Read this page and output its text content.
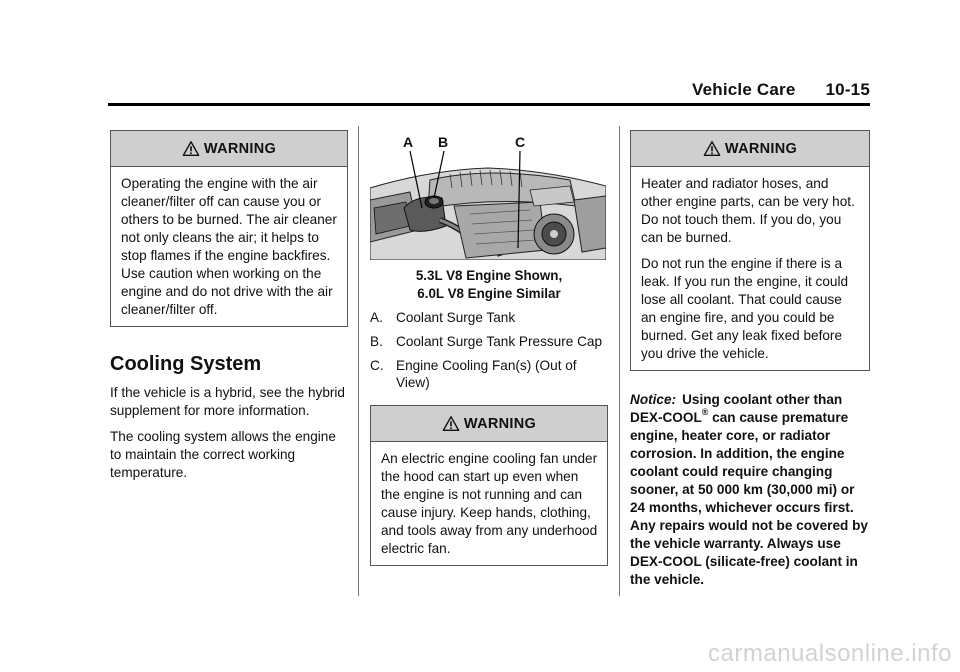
Vehicle Care 10-15
WARNING

Operating the engine with the air cleaner/filter off can cause you or others to be burned. The air cleaner not only cleans the air; it helps to stop flames if the engine backfires. Use caution when working on the engine and do not drive with the air cleaner/filter off.

Cooling System

If the vehicle is a hybrid, see the hybrid supplement for more information.

The cooling system allows the engine to maintain the correct working temperature.

A B	C
5.3L V8 Engine Shown,
6.0L V8 Engine Similar
A. Coolant Surge Tank
B. Coolant Surge Tank Pressure Cap
C. Engine Cooling Fan(s) (Out of View)
WARNING

An electric engine cooling fan under the hood can start up even when the engine is not running and can cause injury. Keep hands, clothing, and tools away from any underhood electric fan.

WARNING

Heater and radiator hoses, and other engine parts, can be very hot. Do not touch them. If you do, you can be burned.

Do not run the engine if there is a leak. If you run the engine, it could lose all coolant. That could cause an engine fire, and you could be burned. Get any leak fixed before you drive the vehicle.

Notice: Using coolant other than DEX-COOL® can cause premature engine, heater core, or radiator corrosion. In addition, the engine coolant could require changing sooner, at 50 000 km (30,000 mi) or 24 months, whichever occurs first. Any repairs would not be covered by the vehicle warranty. Always use DEX-COOL (silicate-free) coolant in the vehicle.

carmanualsonline.info
